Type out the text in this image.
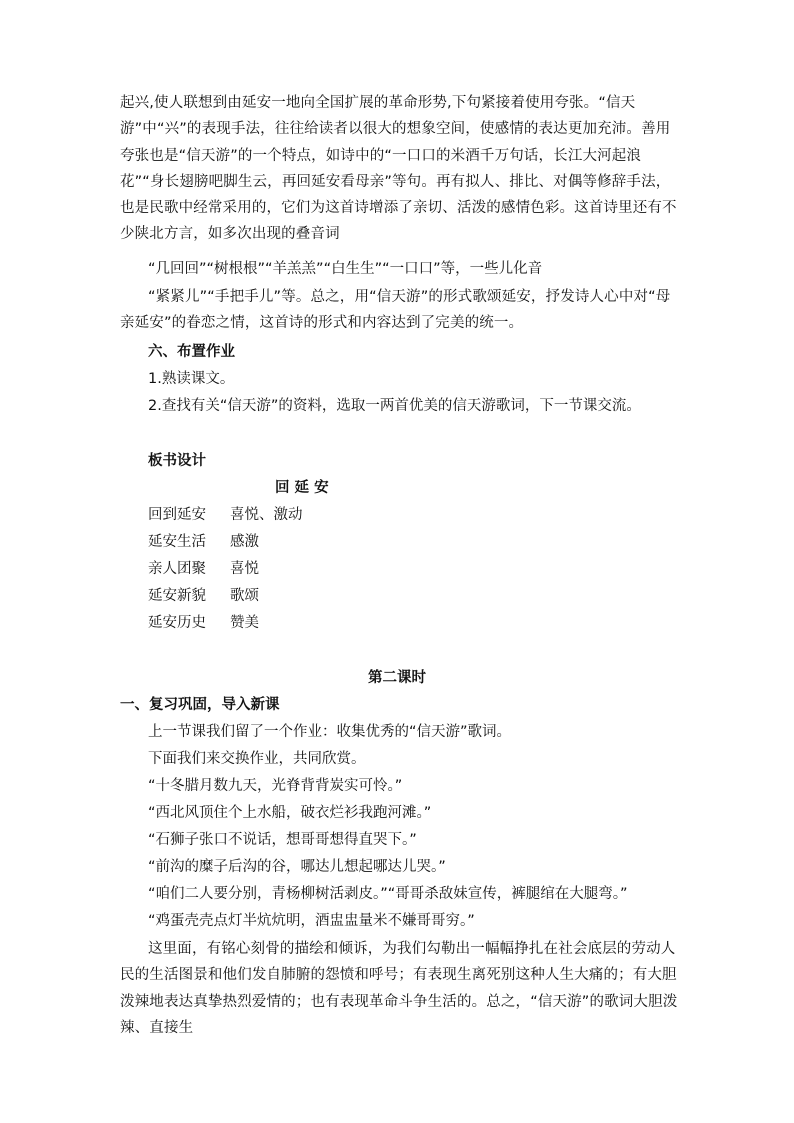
起兴,使人联想到由延安一地向全国扩展的革命形势,下句紧接着使用夸张。“信天游”中“兴”的表现手法，往往给读者以很大的想象空间，使感情的表达更加充沛。善用夸张也是“信天游”的一个特点，如诗中的“一口口的米酒千万句话，长江大河起浪花”“身长翅膀吧脚生云，再回延安看母亲”等句。再有拟人、排比、对偶等修辞手法，也是民歌中经常采用的，它们为这首诗增添了亲切、活泼的感情色彩。这首诗里还有不少陕北方言，如多次出现的叠音词

“几回回”“树根根”“羊羔羔”“白生生”“一口口”等，一些儿化音

“紧紧儿”“手把手儿”等。总之，用“信天游”的形式歌颂延安，抒发诗人心中对“母亲延安”的眷恋之情，这首诗的形式和内容达到了完美的统一。

六、布置作业

1.熟读课文。

2.查找有关“信天游”的资料，选取一两首优美的信天游歌词，下一节课交流。

板书设计

回 延 安

回到延安 喜悦、激动
延安生活 感激
亲人团聚 喜悦
延安新貌 歌颂
延安历史 赞美

第二课时

一、复习巩固，导入新课

上一节课我们留了一个作业：收集优秀的“信天游”歌词。

下面我们来交换作业，共同欣赏。

“十冬腊月数九天，光脊背背炭实可怜。”

“西北风顶住个上水船，破衣烂衫我跑河滩。”

“石狮子张口不说话，想哥哥想得直哭下。”

“前沟的糜子后沟的谷，哪达儿想起哪达儿哭。”

“咱们二人要分别，青杨柳树活剥皮。”“哥哥杀敌妹宣传，裤腿绾在大腿弯。”

“鸡蛋壳壳点灯半炕炕明，酒盅盅量米不嫌哥哥穷。”

这里面，有铭心刻骨的描绘和倾诉，为我们勾勒出一幅幅挣扎在社会底层的劳动人民的生活图景和他们发自肺腑的怨愤和呼号；有表现生离死别这种人生大痛的；有大胆泼辣地表达真挚热烈爱情的；也有表现革命斗争生活的。总之，“信天游”的歌词大胆泼辣、直接生
